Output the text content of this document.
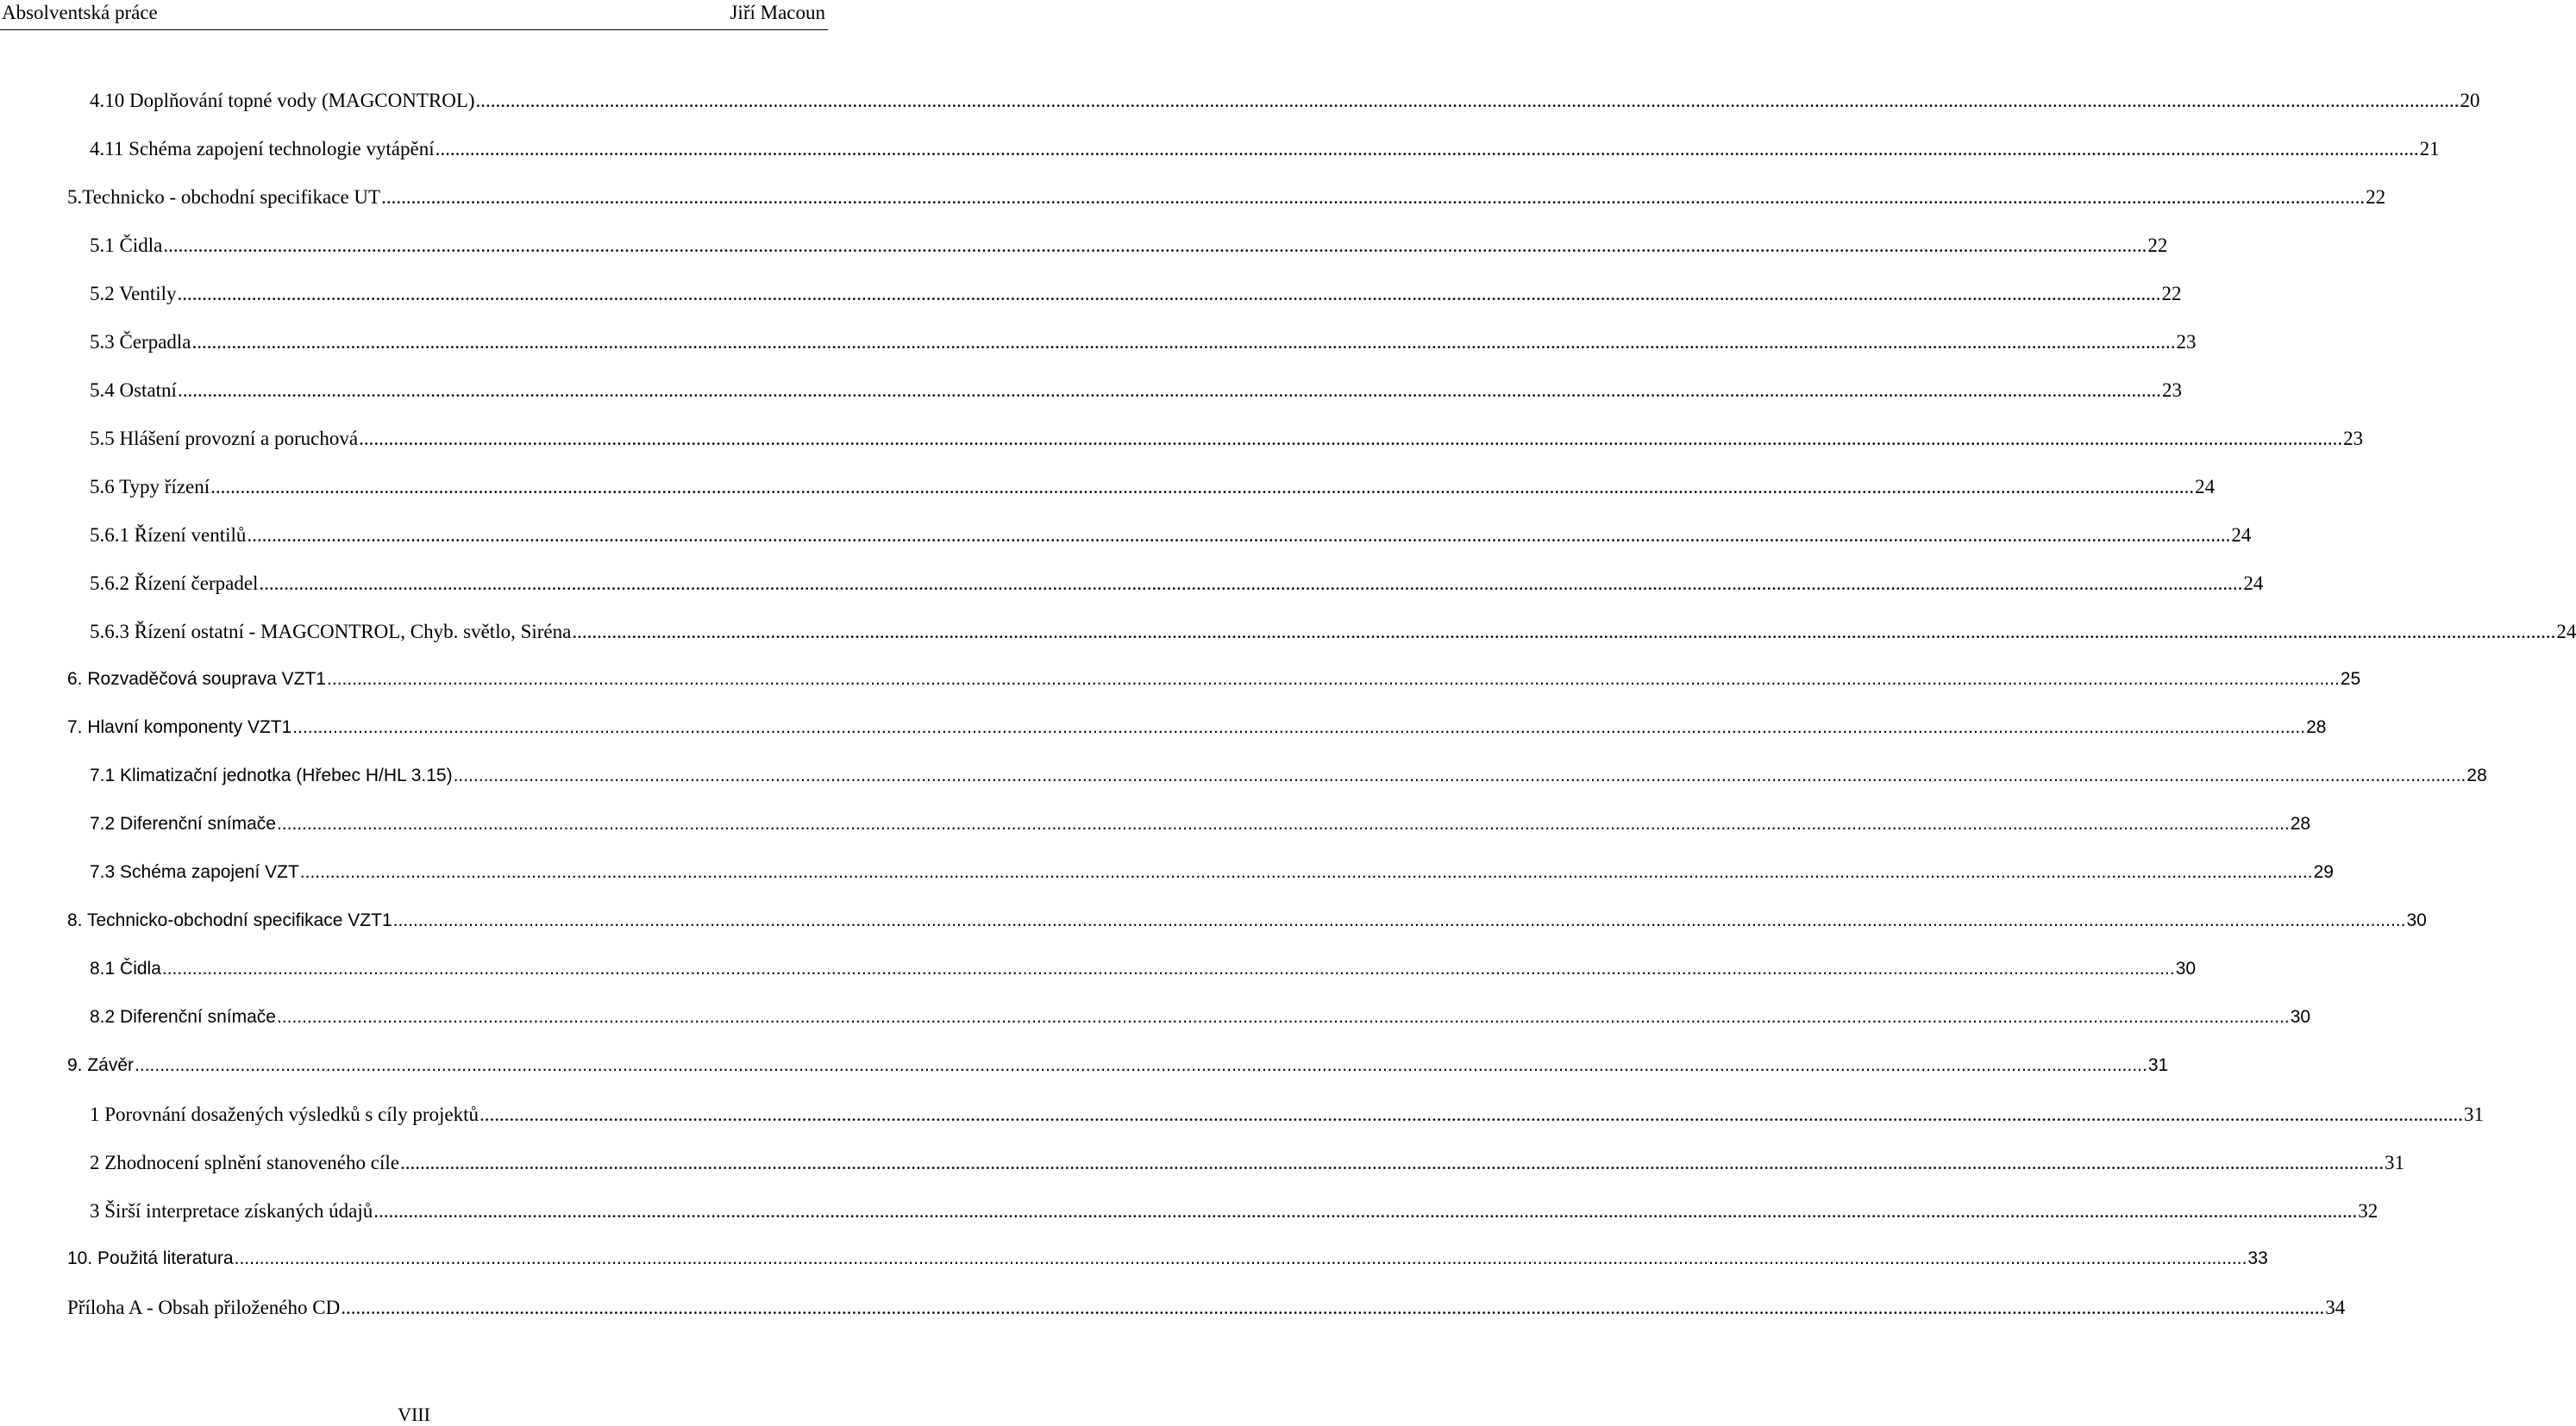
Absolventská práce	Jiří Macoun
4.10 Doplňování topné vody (MAGCONTROL) ................................................................................................................................................................................................................................................................................................................................................................................................................ 20
4.11 Schéma zapojení technologie vytápění ................................................................................................................................................................................................................................................................................................................................................................................................................ 21
5.Technicko - obchodní specifikace UT ................................................................................................................................................................................................................................................................................................................................................................................................................ 22
5.1 Čidla ................................................................................................................................................................................................................................................................................................................................................................................................................ 22
5.2 Ventily ................................................................................................................................................................................................................................................................................................................................................................................................................ 22
5.3 Čerpadla ................................................................................................................................................................................................................................................................................................................................................................................................................ 23
5.4 Ostatní ................................................................................................................................................................................................................................................................................................................................................................................................................ 23
5.5 Hlášení provozní a poruchová ................................................................................................................................................................................................................................................................................................................................................................................................................ 23
5.6 Typy řízení ................................................................................................................................................................................................................................................................................................................................................................................................................ 24
5.6.1 Řízení ventilů ................................................................................................................................................................................................................................................................................................................................................................................................................ 24
5.6.2 Řízení čerpadel ................................................................................................................................................................................................................................................................................................................................................................................................................ 24
5.6.3 Řízení ostatní - MAGCONTROL, Chyb. světlo, Siréna ................................................................................................................................................................................................................................................................................................................................................................................................................ 24
6. Rozvaděčová souprava VZT1 ................................................................................................................................................................................................................................................................................................................................................................................................................ 25
7. Hlavní komponenty VZT1 ................................................................................................................................................................................................................................................................................................................................................................................................................ 28
7.1 Klimatizační jednotka (Hřebec H/HL 3.15) ................................................................................................................................................................................................................................................................................................................................................................................................................ 28
7.2 Diferenční snímače ................................................................................................................................................................................................................................................................................................................................................................................................................ 28
7.3 Schéma zapojení VZT ................................................................................................................................................................................................................................................................................................................................................................................................................ 29
8. Technicko-obchodní specifikace VZT1 ................................................................................................................................................................................................................................................................................................................................................................................................................ 30
8.1 Čidla ................................................................................................................................................................................................................................................................................................................................................................................................................ 30
8.2 Diferenční snímače ................................................................................................................................................................................................................................................................................................................................................................................................................ 30
9. Závěr ................................................................................................................................................................................................................................................................................................................................................................................................................ 31
1 Porovnání dosažených výsledků s cíly projektů ................................................................................................................................................................................................................................................................................................................................................................................................................ 31
2 Zhodnocení splnění stanoveného cíle ................................................................................................................................................................................................................................................................................................................................................................................................................ 31
3 Širší interpretace získaných údajů ................................................................................................................................................................................................................................................................................................................................................................................................................ 32
10. Použitá literatura ................................................................................................................................................................................................................................................................................................................................................................................................................ 33
Příloha A - Obsah přiloženého CD ................................................................................................................................................................................................................................................................................................................................................................................................................ 34
VIII
